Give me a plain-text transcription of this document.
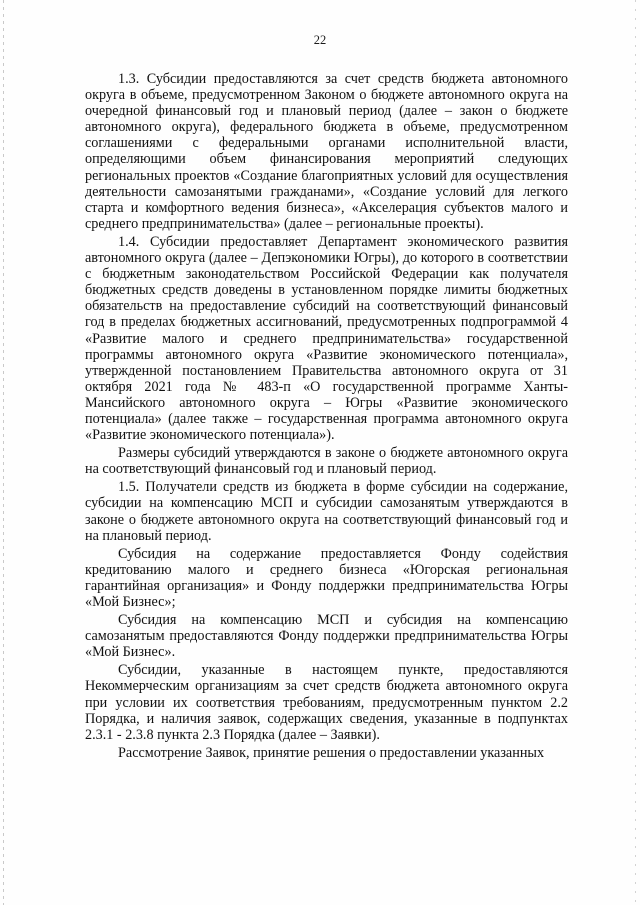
22

1.3. Субсидии предоставляются за счет средств бюджета автономного округа в объеме, предусмотренном Законом о бюджете автономного округа на очередной финансовый год и плановый период (далее – закон о бюджете автономного округа), федерального бюджета в объеме, предусмотренном соглашениями с федеральными органами исполнительной власти, определяющими объем финансирования мероприятий следующих региональных проектов «Создание благоприятных условий для осуществления деятельности самозанятыми гражданами», «Создание условий для легкого старта и комфортного ведения бизнеса», «Акселерация субъектов малого и среднего предпринимательства» (далее – региональные проекты).

1.4. Субсидии предоставляет Департамент экономического развития автономного округа (далее – Депэкономики Югры), до которого в соответствии с бюджетным законодательством Российской Федерации как получателя бюджетных средств доведены в установленном порядке лимиты бюджетных обязательств на предоставление субсидий на соответствующий финансовый год в пределах бюджетных ассигнований, предусмотренных подпрограммой 4 «Развитие малого и среднего предпринимательства» государственной программы автономного округа «Развитие экономического потенциала», утвержденной постановлением Правительства автономного округа от 31 октября 2021 года № 483-п «О государственной программе Ханты-Мансийского автономного округа – Югры «Развитие экономического потенциала» (далее также – государственная программа автономного округа «Развитие экономического потенциала»).

Размеры субсидий утверждаются в законе о бюджете автономного округа на соответствующий финансовый год и плановый период.

1.5. Получатели средств из бюджета в форме субсидии на содержание, субсидии на компенсацию МСП и субсидии самозанятым утверждаются в законе о бюджете автономного округа на соответствующий финансовый год и на плановый период.

Субсидия на содержание предоставляется Фонду содействия кредитованию малого и среднего бизнеса «Югорская региональная гарантийная организация» и Фонду поддержки предпринимательства Югры «Мой Бизнес»;

Субсидия на компенсацию МСП и субсидия на компенсацию самозанятым предоставляются Фонду поддержки предпринимательства Югры «Мой Бизнес».

Субсидии, указанные в настоящем пункте, предоставляются Некоммерческим организациям за счет средств бюджета автономного округа при условии их соответствия требованиям, предусмотренным пунктом 2.2 Порядка, и наличия заявок, содержащих сведения, указанные в подпунктах 2.3.1 - 2.3.8 пункта 2.3 Порядка (далее – Заявки).

Рассмотрение Заявок, принятие решения о предоставлении указанных
